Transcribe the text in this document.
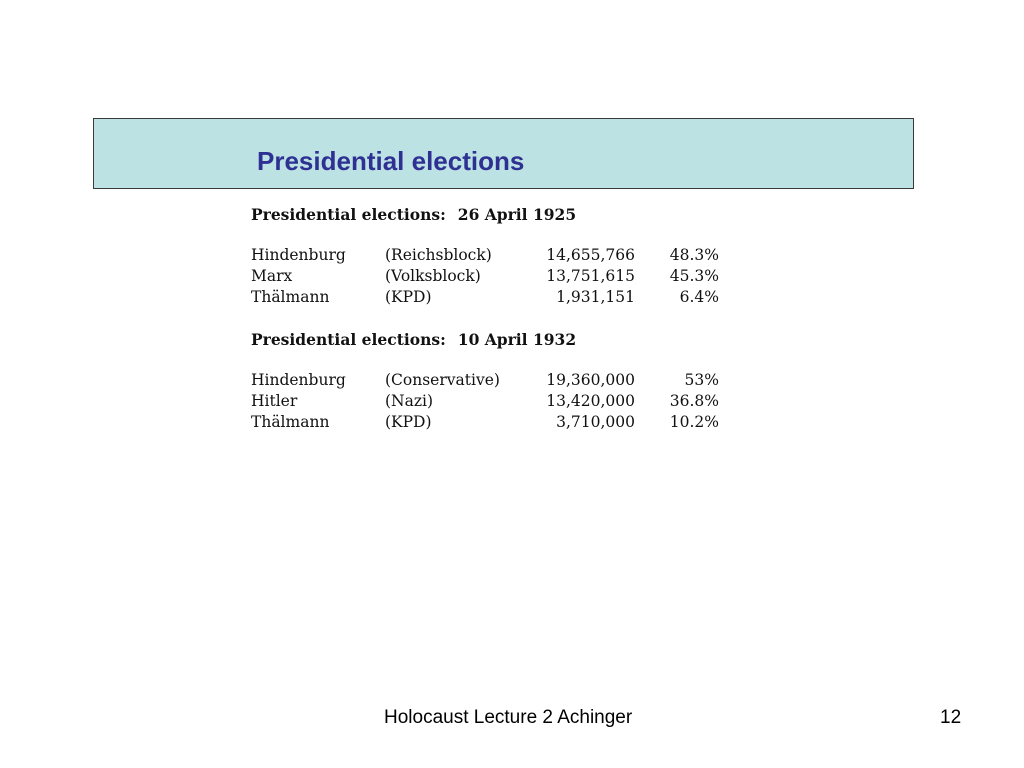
Presidential elections
Presidential elections: 26 April 1925
Hindenburg	(Reichsblock)	14,655,766 48.3%
Marx	(Volksblock)	13,751,615 45.3%
Thälmann	(KPD)	1,931,151	6.4%
Presidential elections: 10 April 1932
Hindenburg	(Conservative)	19,360,000	53%
Hitler	(Nazi)	13,420,000 36.8%
Thälmann	(KPD)	3,710,000 10.2%
Holocaust Lecture 2 Achinger	12
